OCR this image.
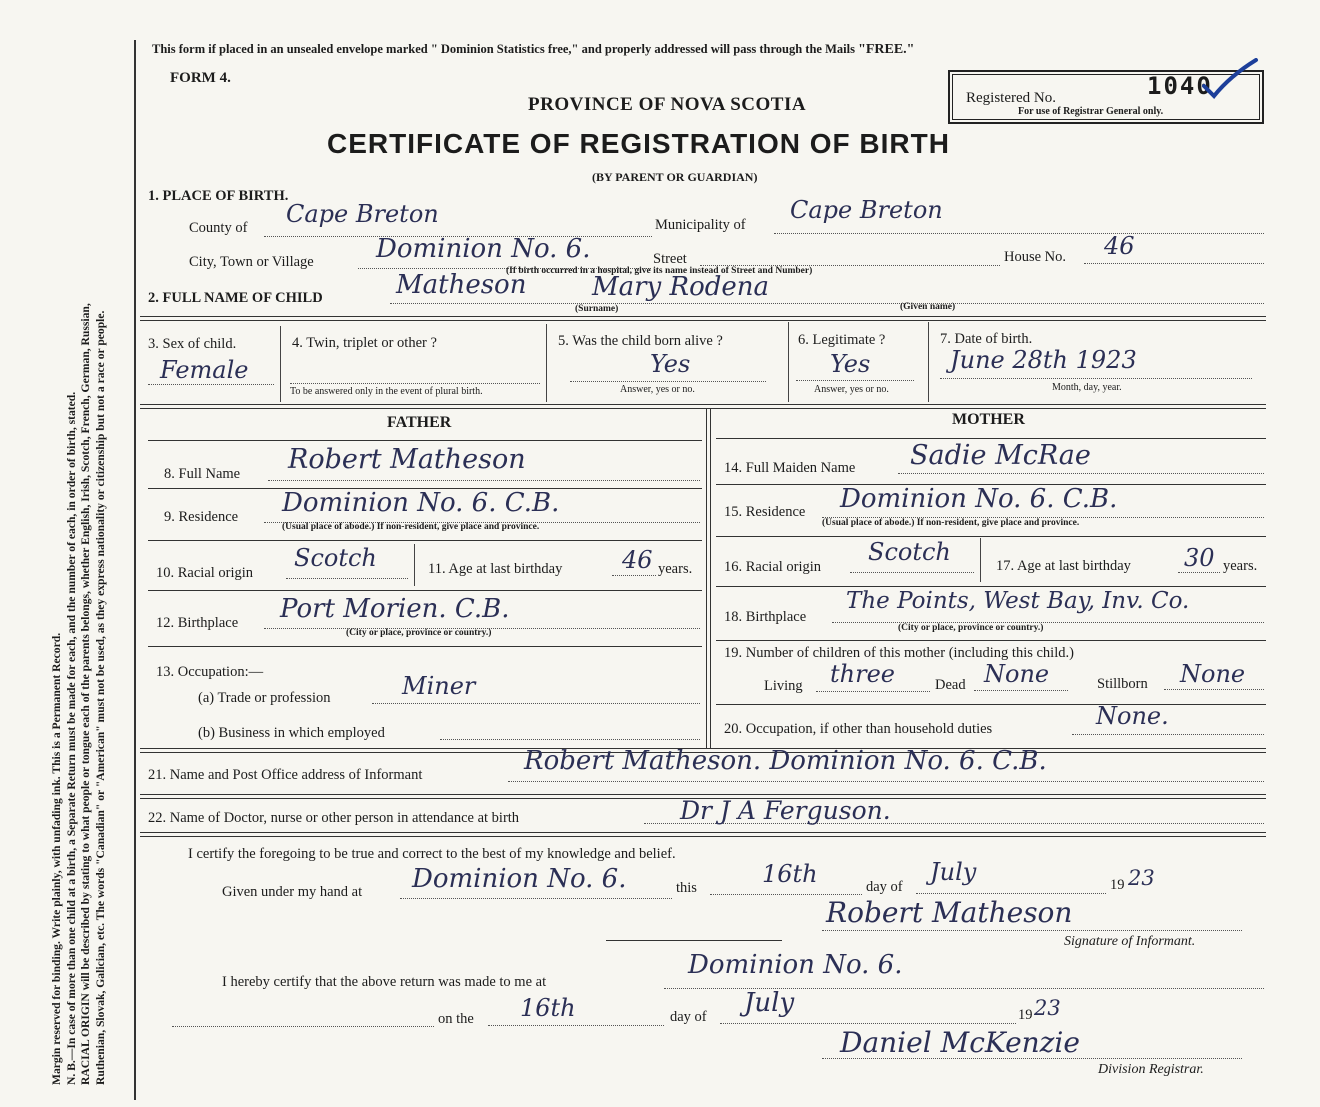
Margin reserved for binding. Write plainly, with unfading ink. This is a Permanent Record. N. B.—In case of more than one child at a birth, a Separate Return must be made for each, and the number of each, in order of birth, stated. RACIAL ORIGIN will be described by stating to what people or tongue each of the parents belongs, whether English, Irish, Scotch, French, German, Russian, Ruthenian, Slovak, Galician, etc. The words "Canadian" or "American" must not be used, as they express nationality or citizenship but not a race or people.
This form if placed in an unsealed envelope marked " Dominion Statistics free," and properly addressed will pass through the Mails "FREE."
FORM 4.
PROVINCE OF NOVA SCOTIA
CERTIFICATE OF REGISTRATION OF BIRTH
(BY PARENT OR GUARDIAN)
Registered No.	1040
For use of Registrar General only.
1. PLACE OF BIRTH.
County of Cape Breton	Municipality of
Cape Breton
City, Town or Village Dominion No. 6.	Street	House No. 46
(If birth occurred in a hospital, give its name instead of Street and Number)
2. FULL NAME OF CHILD	Matheson	Mary Rodena
(Surname)	(Given name)
3. Sex of child.
Female
4. Twin, triplet or other ?
To be answered only in the event of plural birth.
5. Was the child born alive ?
Yes
Answer, yes or no.
6. Legitimate ?
Yes
Answer, yes or no.
7. Date of birth.
June 28th 1923
Month, day, year.
FATHER	MOTHER
8. Full Name Robert Matheson
9. Residence Dominion No. 6. C.B.
(Usual place of abode.) If non-resident, give place and province.
10. Racial origin
Scotch	11. Age at last birthday 46 years.
12. Birthplace Port Morien. C.B.
(City or place, province or country.)
13. Occupation:—
(a) Trade or profession	Miner
(b) Business in which employed
14. Full Maiden Name Sadie McRae
15. Residence Dominion No. 6. C.B.
(Usual place of abode.) If non-resident, give place and province.
16. Racial origin
Scotch	17. Age at last birthday 30 years.
18. Birthplace
The Points, West Bay, Inv. Co.
(City or place, province or country.)
19. Number of children of this mother (including this child.)
Living three	Dead None	Stillborn None
20. Occupation, if other than household duties	None.
21. Name and Post Office address of Informant	Robert Matheson. Dominion No. 6. C.B.
22. Name of Doctor, nurse or other person in attendance at birth	Dr J A Ferguson.
I certify the foregoing to be true and correct to the best of my knowledge and belief.
Given under my hand at Dominion No. 6.	this	16th	day of
July	19 23
Robert Matheson
Signature of Informant.
I hereby certify that the above return was made to me at
Dominion No. 6.
on the 16th	day of July	19 23
Daniel McKenzie
Division Registrar.
